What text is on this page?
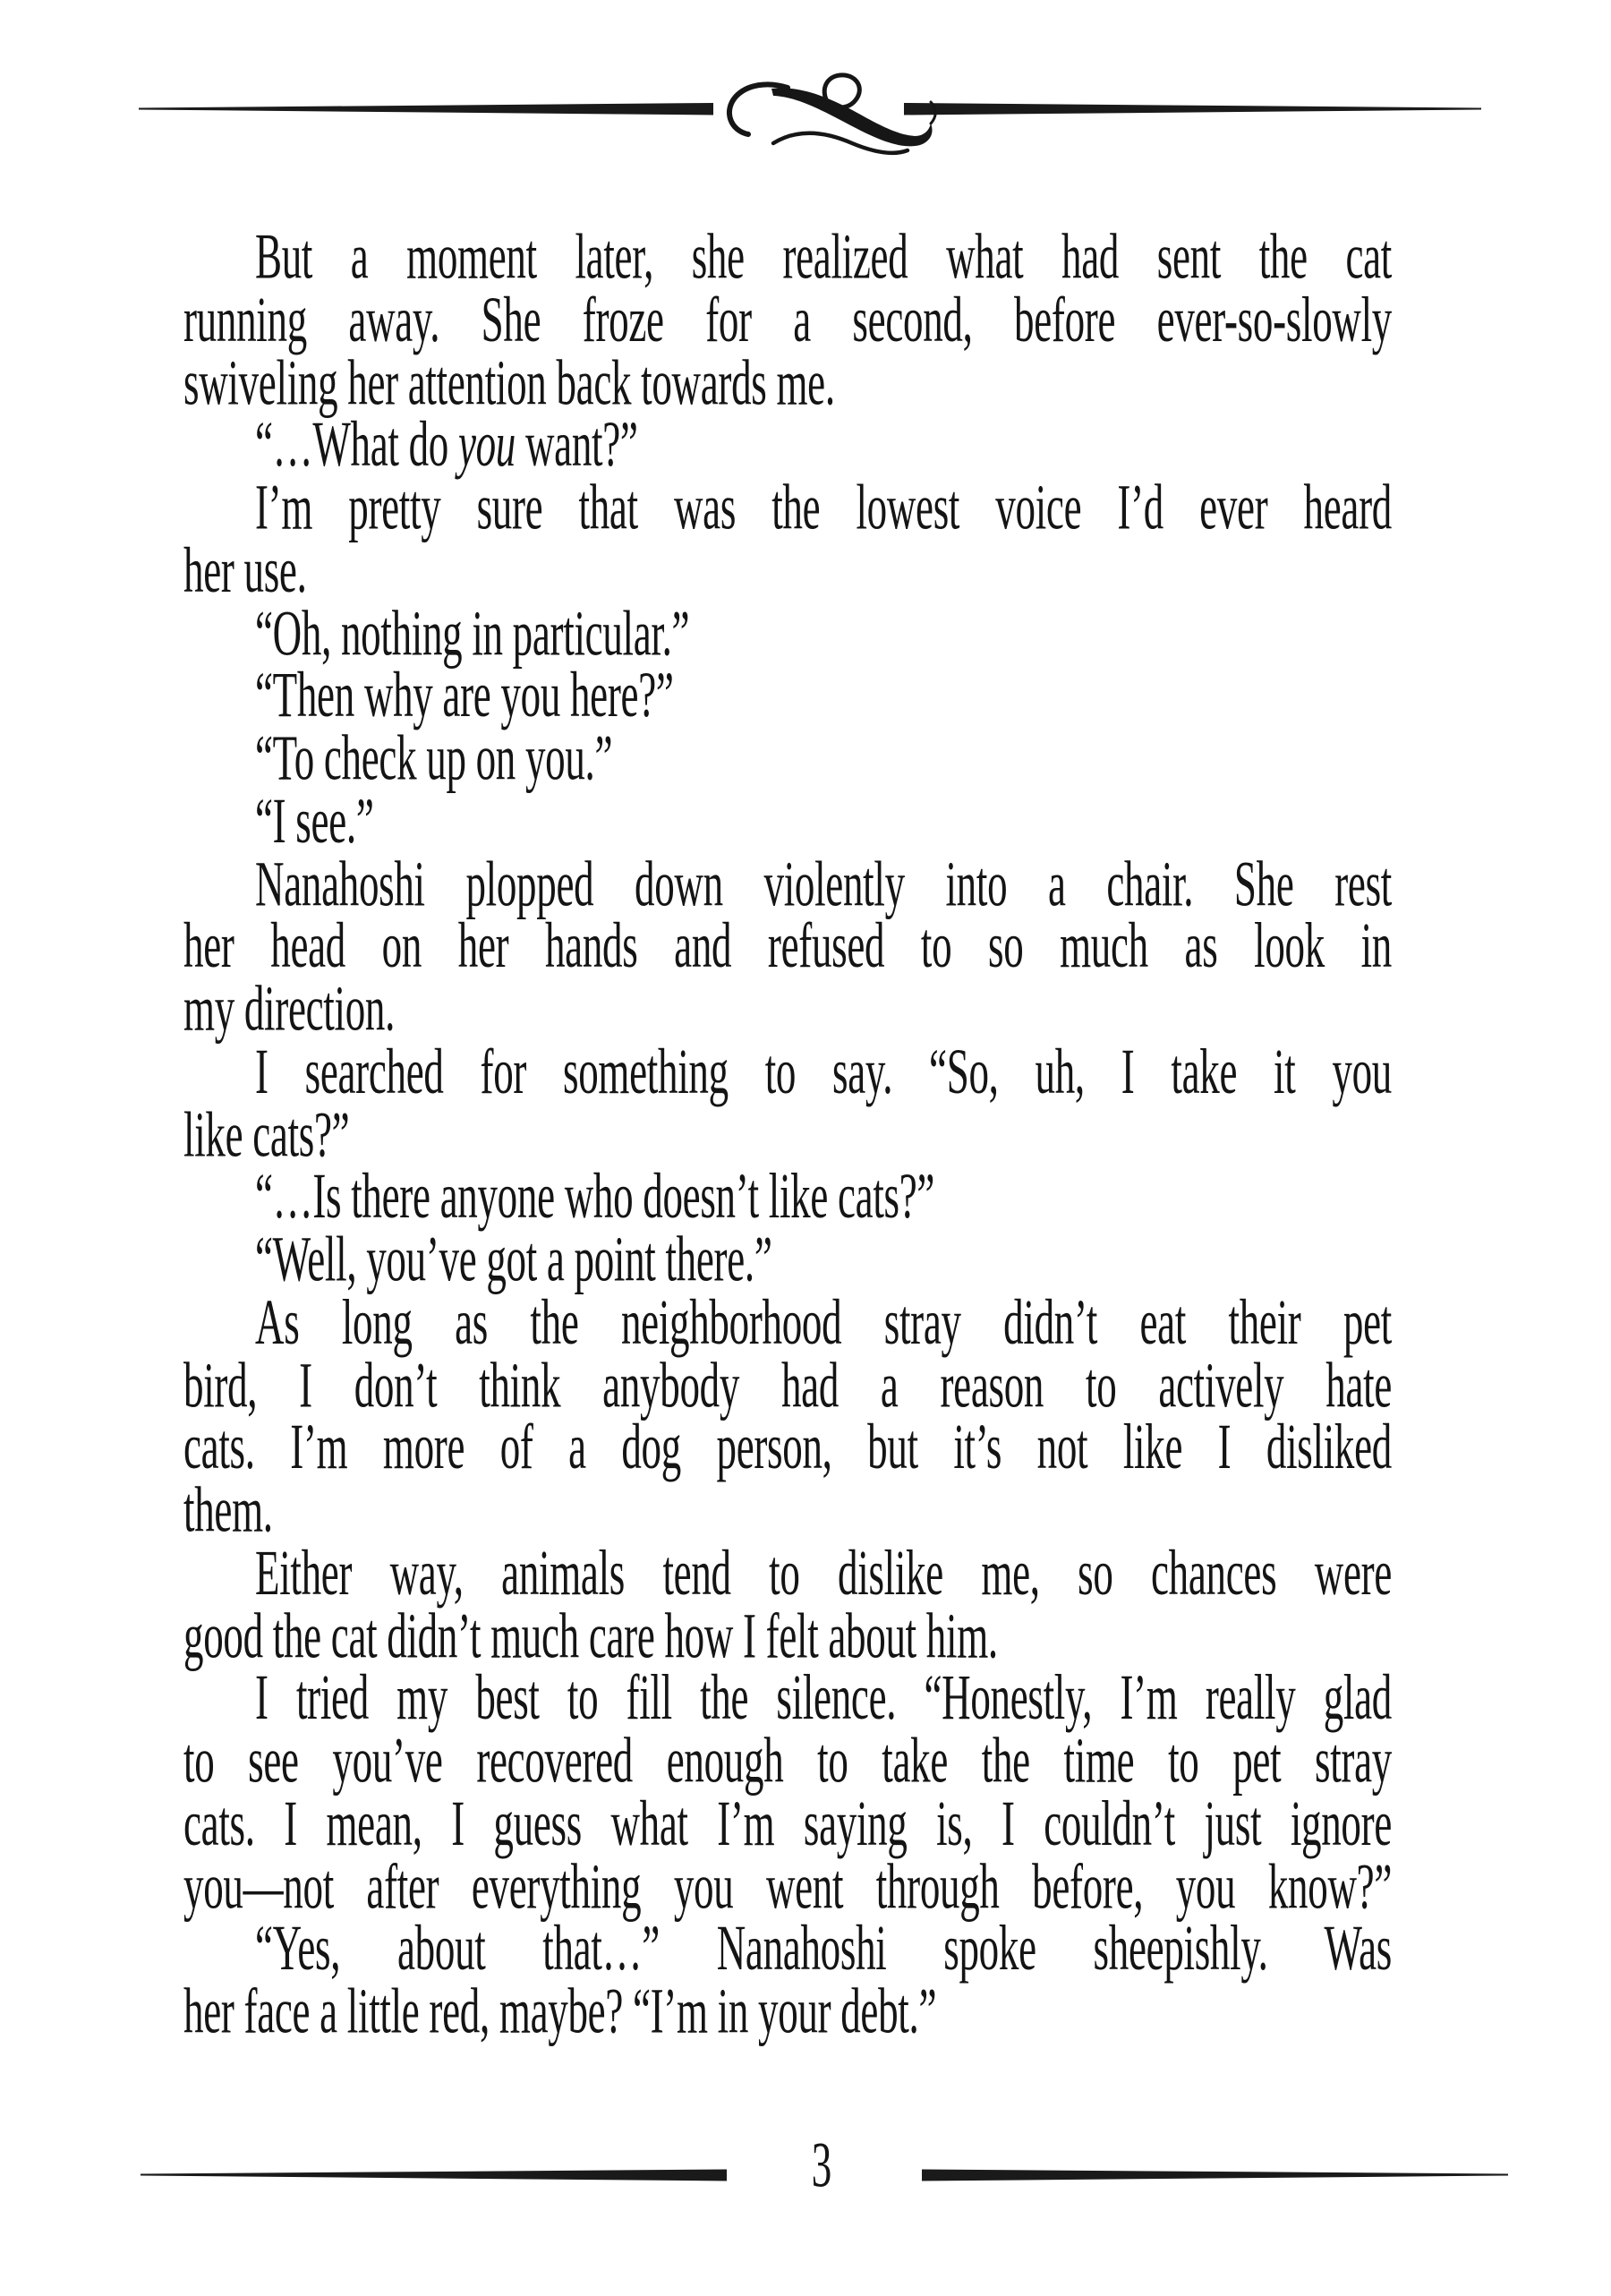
But a moment later, she realized what had sent the cat
running away. She froze for a second, before ever-so-slowly
swiveling her attention back towards me.
“…What do you want?”
I’m pretty sure that was the lowest voice I’d ever heard
her use.
“Oh, nothing in particular.”
“Then why are you here?”
“To check up on you.”
“I see.”
Nanahoshi plopped down violently into a chair. She rest
her head on her hands and refused to so much as look in
my direction.
I searched for something to say. “So, uh, I take it you
like cats?”
“…Is there anyone who doesn’t like cats?”
“Well, you’ve got a point there.”
As long as the neighborhood stray didn’t eat their pet
bird, I don’t think anybody had a reason to actively hate
cats. I’m more of a dog person, but it’s not like I disliked
them.
Either way, animals tend to dislike me, so chances were
good the cat didn’t much care how I felt about him.
I tried my best to fill the silence. “Honestly, I’m really glad
to see you’ve recovered enough to take the time to pet stray
cats. I mean, I guess what I’m saying is, I couldn’t just ignore
you—not after everything you went through before, you know?”
“Yes, about that…” Nanahoshi spoke sheepishly. Was
her face a little red, maybe? “I’m in your debt.”
3
